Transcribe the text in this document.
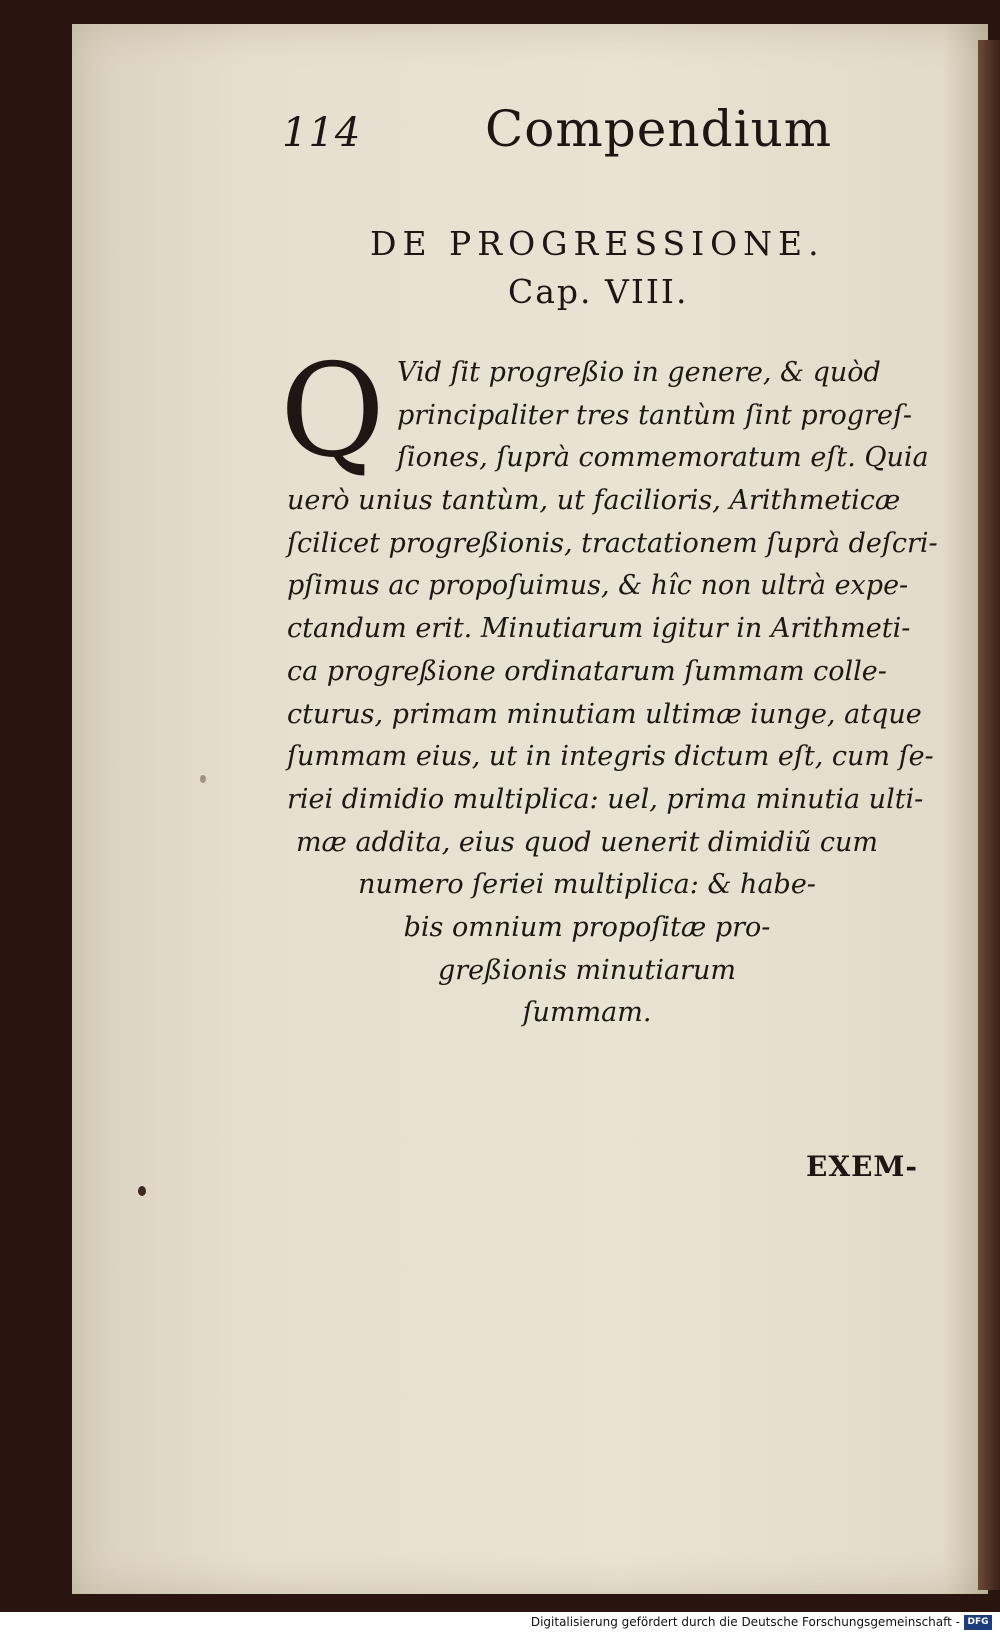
114 Compendium
DE PROGRESSIONE.
Cap. VIII.
Q Vid ſit progreßio in genere, & quòd
principaliter tres tantùm ſint progreſ-
ſiones, ſuprà commemoratum eſt. Quia
uerò unius tantùm, ut facilioris, Arithmeticæ
ſcilicet progreßionis, tractationem ſuprà deſcri-
pſimus ac propoſuimus, & hîc non ultrà expe-
ctandum erit. Minutiarum igitur in Arithmeti-
ca progreßione ordinatarum ſummam colle-
cturus, primam minutiam ultimæ iunge, atque
ſummam eius, ut in integris dictum eſt, cum ſe-
riei dimidio multiplica: uel, prima minutia ulti-
mæ addita, eius quod uenerit dimidiũ cum
numero ſeriei multiplica: & habe-
bis omnium propoſitæ pro-
greßionis minutiarum
ſummam.
EXEM-
Digitalisierung gefördert durch die Deutsche Forschungsgemeinschaft - DFG
